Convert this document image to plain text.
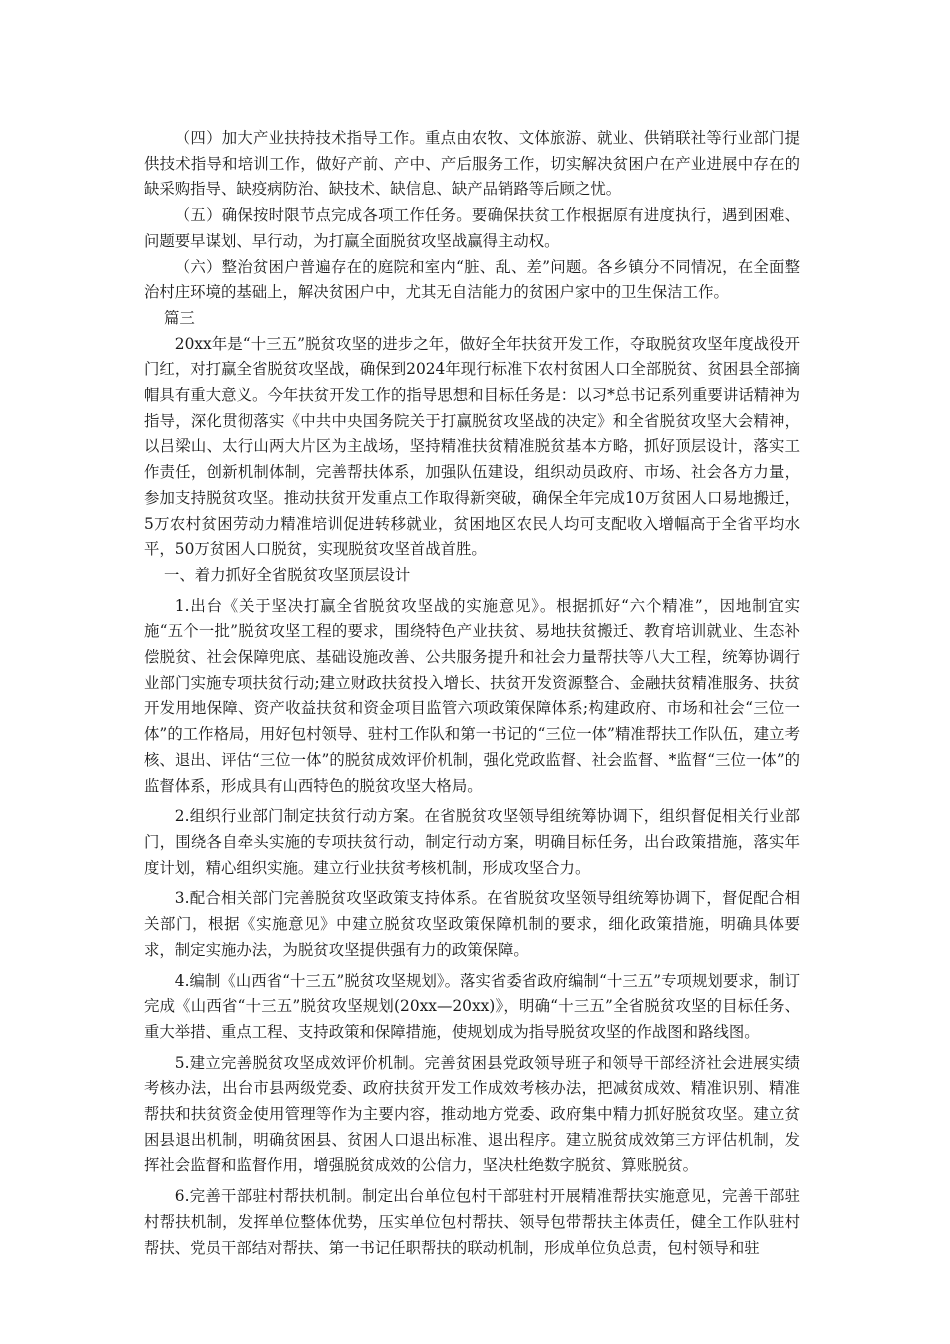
（四）加大产业扶持技术指导工作。重点由农牧、文体旅游、就业、供销联社等行业部门提供技术指导和培训工作，做好产前、产中、产后服务工作，切实解决贫困户在产业进展中存在的缺采购指导、缺疫病防治、缺技术、缺信息、缺产品销路等后顾之忧。

（五）确保按时限节点完成各项工作任务。要确保扶贫工作根据原有进度执行，遇到困难、问题要早谋划、早行动，为打赢全面脱贫攻坚战赢得主动权。

（六）整治贫困户普遍存在的庭院和室内“脏、乱、差”问题。各乡镇分不同情况，在全面整治村庄环境的基础上，解决贫困户中，尤其无自洁能力的贫困户家中的卫生保洁工作。

篇三

20xx年是“十三五”脱贫攻坚的进步之年，做好全年扶贫开发工作，夺取脱贫攻坚年度战役开门红，对打赢全省脱贫攻坚战，确保到2024年现行标准下农村贫困人口全部脱贫、贫困县全部摘帽具有重大意义。今年扶贫开发工作的指导思想和目标任务是：以习*总书记系列重要讲话精神为指导，深化贯彻落实《中共中央国务院关于打赢脱贫攻坚战的决定》和全省脱贫攻坚大会精神，以吕梁山、太行山两大片区为主战场，坚持精准扶贫精准脱贫基本方略，抓好顶层设计，落实工作责任，创新机制体制，完善帮扶体系，加强队伍建设，组织动员政府、市场、社会各方力量，参加支持脱贫攻坚。推动扶贫开发重点工作取得新突破，确保全年完成10万贫困人口易地搬迁，5万农村贫困劳动力精准培训促进转移就业，贫困地区农民人均可支配收入增幅高于全省平均水平，50万贫困人口脱贫，实现脱贫攻坚首战首胜。

一、着力抓好全省脱贫攻坚顶层设计

1.出台《关于坚决打赢全省脱贫攻坚战的实施意见》。根据抓好“六个精准”，因地制宜实施“五个一批”脱贫攻坚工程的要求，围绕特色产业扶贫、易地扶贫搬迁、教育培训就业、生态补偿脱贫、社会保障兜底、基础设施改善、公共服务提升和社会力量帮扶等八大工程，统筹协调行业部门实施专项扶贫行动;建立财政扶贫投入增长、扶贫开发资源整合、金融扶贫精准服务、扶贫开发用地保障、资产收益扶贫和资金项目监管六项政策保障体系;构建政府、市场和社会“三位一体”的工作格局，用好包村领导、驻村工作队和第一书记的“三位一体”精准帮扶工作队伍，建立考核、退出、评估“三位一体”的脱贫成效评价机制，强化党政监督、社会监督、*监督“三位一体”的监督体系，形成具有山西特色的脱贫攻坚大格局。

2.组织行业部门制定扶贫行动方案。在省脱贫攻坚领导组统筹协调下，组织督促相关行业部门，围绕各自牵头实施的专项扶贫行动，制定行动方案，明确目标任务，出台政策措施，落实年度计划，精心组织实施。建立行业扶贫考核机制，形成攻坚合力。

3.配合相关部门完善脱贫攻坚政策支持体系。在省脱贫攻坚领导组统筹协调下，督促配合相关部门，根据《实施意见》中建立脱贫攻坚政策保障机制的要求，细化政策措施，明确具体要求，制定实施办法，为脱贫攻坚提供强有力的政策保障。

4.编制《山西省“十三五”脱贫攻坚规划》。落实省委省政府编制“十三五”专项规划要求，制订完成《山西省“十三五”脱贫攻坚规划(20xx—20xx)》，明确“十三五”全省脱贫攻坚的目标任务、重大举措、重点工程、支持政策和保障措施，使规划成为指导脱贫攻坚的作战图和路线图。

5.建立完善脱贫攻坚成效评价机制。完善贫困县党政领导班子和领导干部经济社会进展实绩考核办法，出台市县两级党委、政府扶贫开发工作成效考核办法，把减贫成效、精准识别、精准帮扶和扶贫资金使用管理等作为主要内容，推动地方党委、政府集中精力抓好脱贫攻坚。建立贫困县退出机制，明确贫困县、贫困人口退出标准、退出程序。建立脱贫成效第三方评估机制，发挥社会监督和监督作用，增强脱贫成效的公信力，坚决杜绝数字脱贫、算账脱贫。

6.完善干部驻村帮扶机制。制定出台单位包村干部驻村开展精准帮扶实施意见，完善干部驻村帮扶机制，发挥单位整体优势，压实单位包村帮扶、领导包带帮扶主体责任，健全工作队驻村帮扶、党员干部结对帮扶、第一书记任职帮扶的联动机制，形成单位负总责，包村领导和驻
